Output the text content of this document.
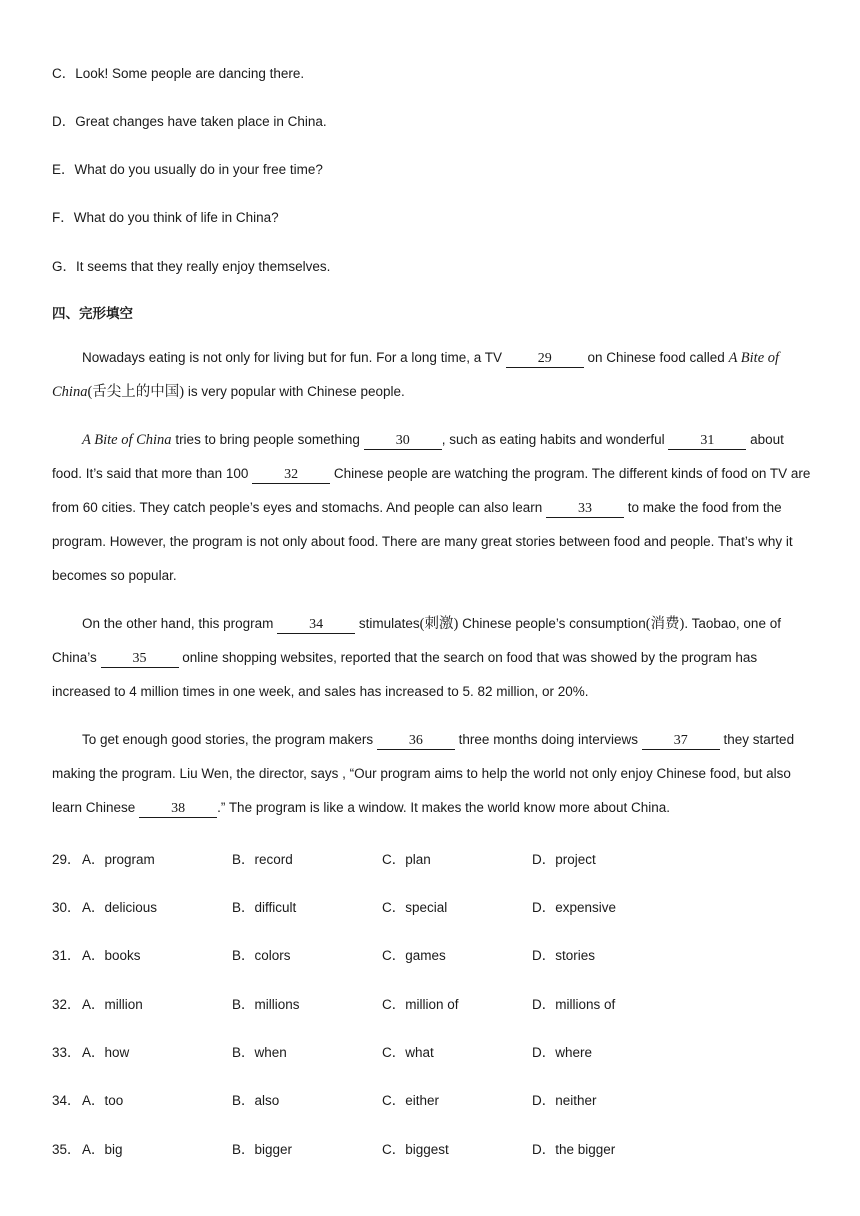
C．Look! Some people are dancing there.
D．Great changes have taken place in China.
E．What do you usually do in your free time?
F．What do you think of life in China?
G．It seems that they really enjoy themselves.
四、完形填空
Nowadays eating is not only for living but for fun. For a long time, a TV 29 on Chinese food called A Bite of China(舌尖上的中国) is very popular with Chinese people.
A Bite of China tries to bring people something 30 , such as eating habits and wonderful 31 about food. It’s said that more than 100 32 Chinese people are watching the program. The different kinds of food on TV are from 60 cities. They catch people’s eyes and stomachs. And people can also learn 33 to make the food from the program. However, the program is not only about food. There are many great stories between food and people. That’s why it becomes so popular.
On the other hand, this program 34 stimulates(刺激) Chinese people’s consumption(消费). Taobao, one of China’s 35 online shopping websites, reported that the search on food that was showed by the program has increased to 4 million times in one week, and sales has increased to 5. 82 million, or 20%.
To get enough good stories, the program makers 36 three months doing interviews 37 they started making the program. Liu Wen, the director, says , “Our program aims to help the world not only enjoy Chinese food, but also learn Chinese 38 .” The program is like a window. It makes the world know more about China.
29． A．program	B．record	C．plan	D．project
30． A．delicious	B．difficult	C．special	D．expensive
31． A．books	B．colors	C．games	D．stories
32． A．million	B．millions	C．million of	D．millions of
33． A．how	B．when	C．what	D．where
34． A．too	B．also	C．either	D．neither
35． A．big	B．bigger	C．biggest	D．the bigger
